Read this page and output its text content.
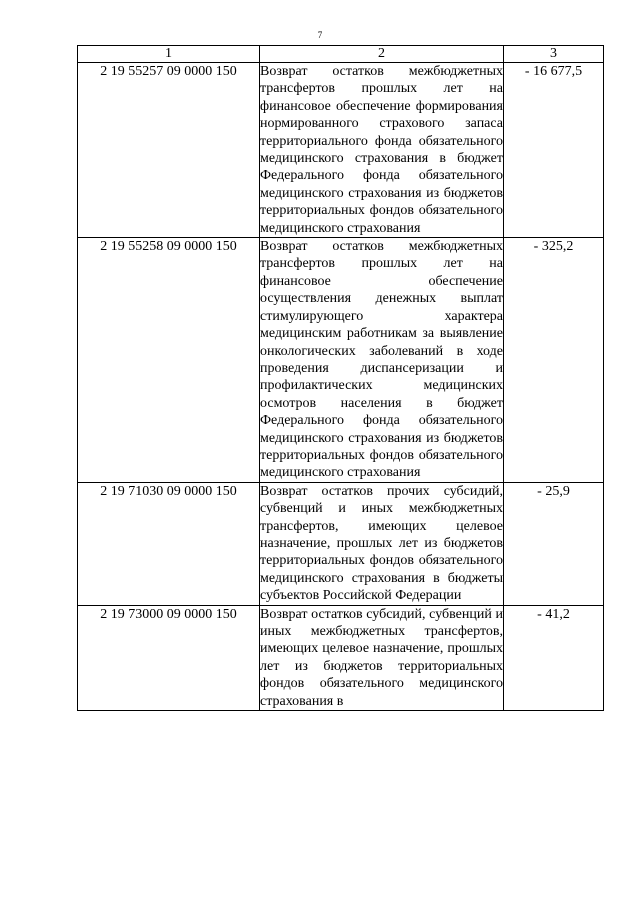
7
1	2	3
2 19 55257 09 0000 150	Возврат остатков межбюджетных трансфертов прошлых лет на финансовое обеспечение формирования нормированного страхового запаса территориального фонда обязательного медицинского страхования в бюджет Федерального фонда обязательного медицинского страхования из бюджетов территориальных фондов обязательного медицинского страхования	- 16 677,5
2 19 55258 09 0000 150	Возврат остатков межбюджетных трансфертов прошлых лет на финансовое обеспечение осуществления денежных выплат стимулирующего характера медицинским работникам за выявление онкологических заболеваний в ходе проведения диспансеризации и профилактических медицинских осмотров населения в бюджет Федерального фонда обязательного медицинского страхования из бюджетов территориальных фондов обязательного медицинского страхования	- 325,2
2 19 71030 09 0000 150	Возврат остатков прочих субсидий, субвенций и иных межбюджетных трансфертов, имеющих целевое назначение, прошлых лет из бюджетов территориальных фондов обязательного медицинского страхования в бюджеты субъектов Российской Федерации	- 25,9
2 19 73000 09 0000 150	Возврат остатков субсидий, субвенций и иных межбюджетных трансфертов, имеющих целевое назначение, прошлых лет из бюджетов территориальных фондов обязательного медицинского страхования в	- 41,2
